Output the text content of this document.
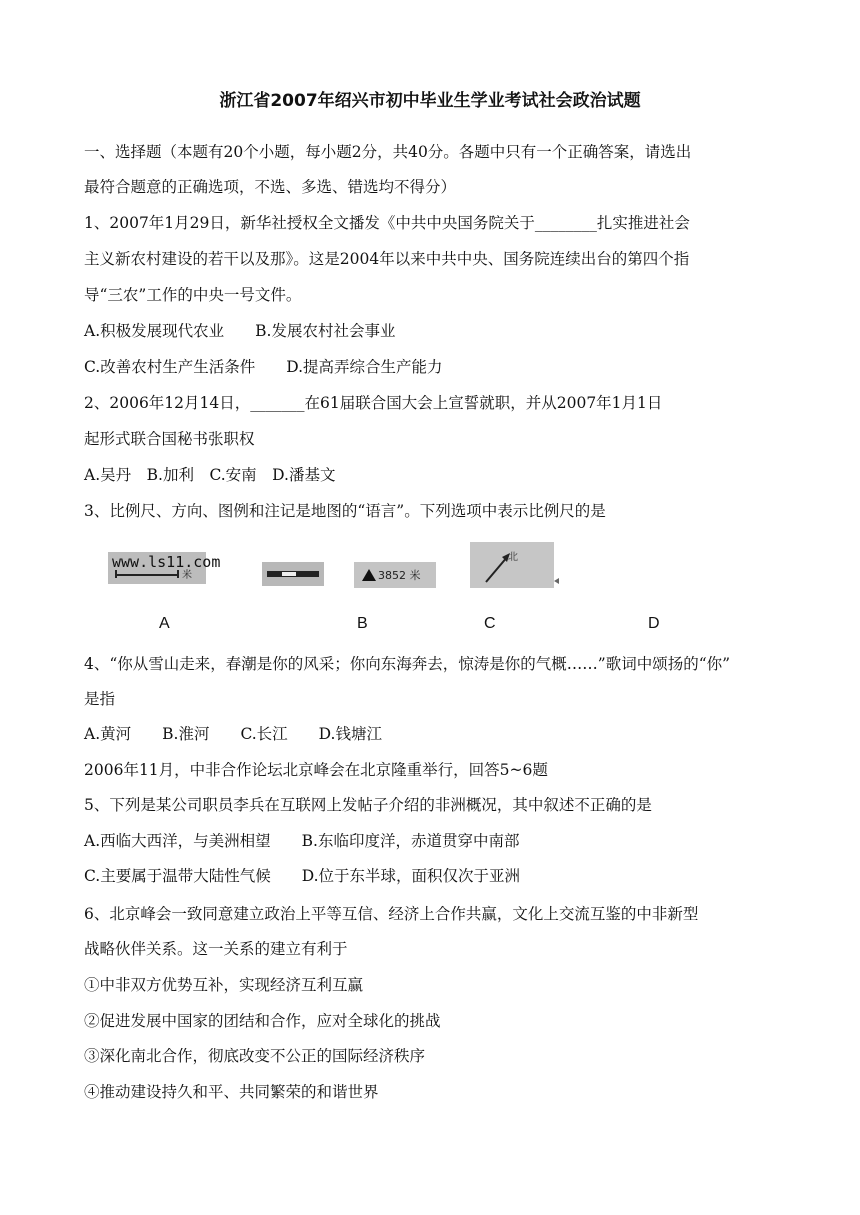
浙江省2007年绍兴市初中毕业生学业考试社会政治试题
一、选择题（本题有20个小题，每小题2分，共40分。各题中只有一个正确答案，请选出
最符合题意的正确选项，不选、多选、错选均不得分）
1、2007年1月29日，新华社授权全文播发《中共中央国务院关于________扎实推进社会
主义新农村建设的若干以及那》。这是2004年以来中共中央、国务院连续出台的第四个指
导“三农”工作的中央一号文件。
A.积极发展现代农业　　B.发展农村社会事业
C.改善农村生产生活条件　　D.提高弄综合生产能力
2、2006年12月14日，_______在61届联合国大会上宣誓就职，并从2007年1月1日
起形式联合国秘书张职权
A.吴丹　B.加利　C.安南　D.潘基文
3、比例尺、方向、图例和注记是地图的“语言”。下列选项中表示比例尺的是
米
www.ls11.com
3852 米
北
A	B	C	D
4、“你从雪山走来，春潮是你的风采；你向东海奔去，惊涛是你的气概……”歌词中颂扬的“你”
是指
A.黄河　　B.淮河　　C.长江　　D.钱塘江
2006年11月，中非合作论坛北京峰会在北京隆重举行，回答5~6题
5、下列是某公司职员李兵在互联网上发帖子介绍的非洲概况，其中叙述不正确的是
A.西临大西洋，与美洲相望　　B.东临印度洋，赤道贯穿中南部
C.主要属于温带大陆性气候　　D.位于东半球，面积仅次于亚洲
6、北京峰会一致同意建立政治上平等互信、经济上合作共赢，文化上交流互鉴的中非新型
战略伙伴关系。这一关系的建立有利于
①中非双方优势互补，实现经济互利互赢
②促进发展中国家的团结和合作，应对全球化的挑战
③深化南北合作，彻底改变不公正的国际经济秩序
④推动建设持久和平、共同繁荣的和谐世界
